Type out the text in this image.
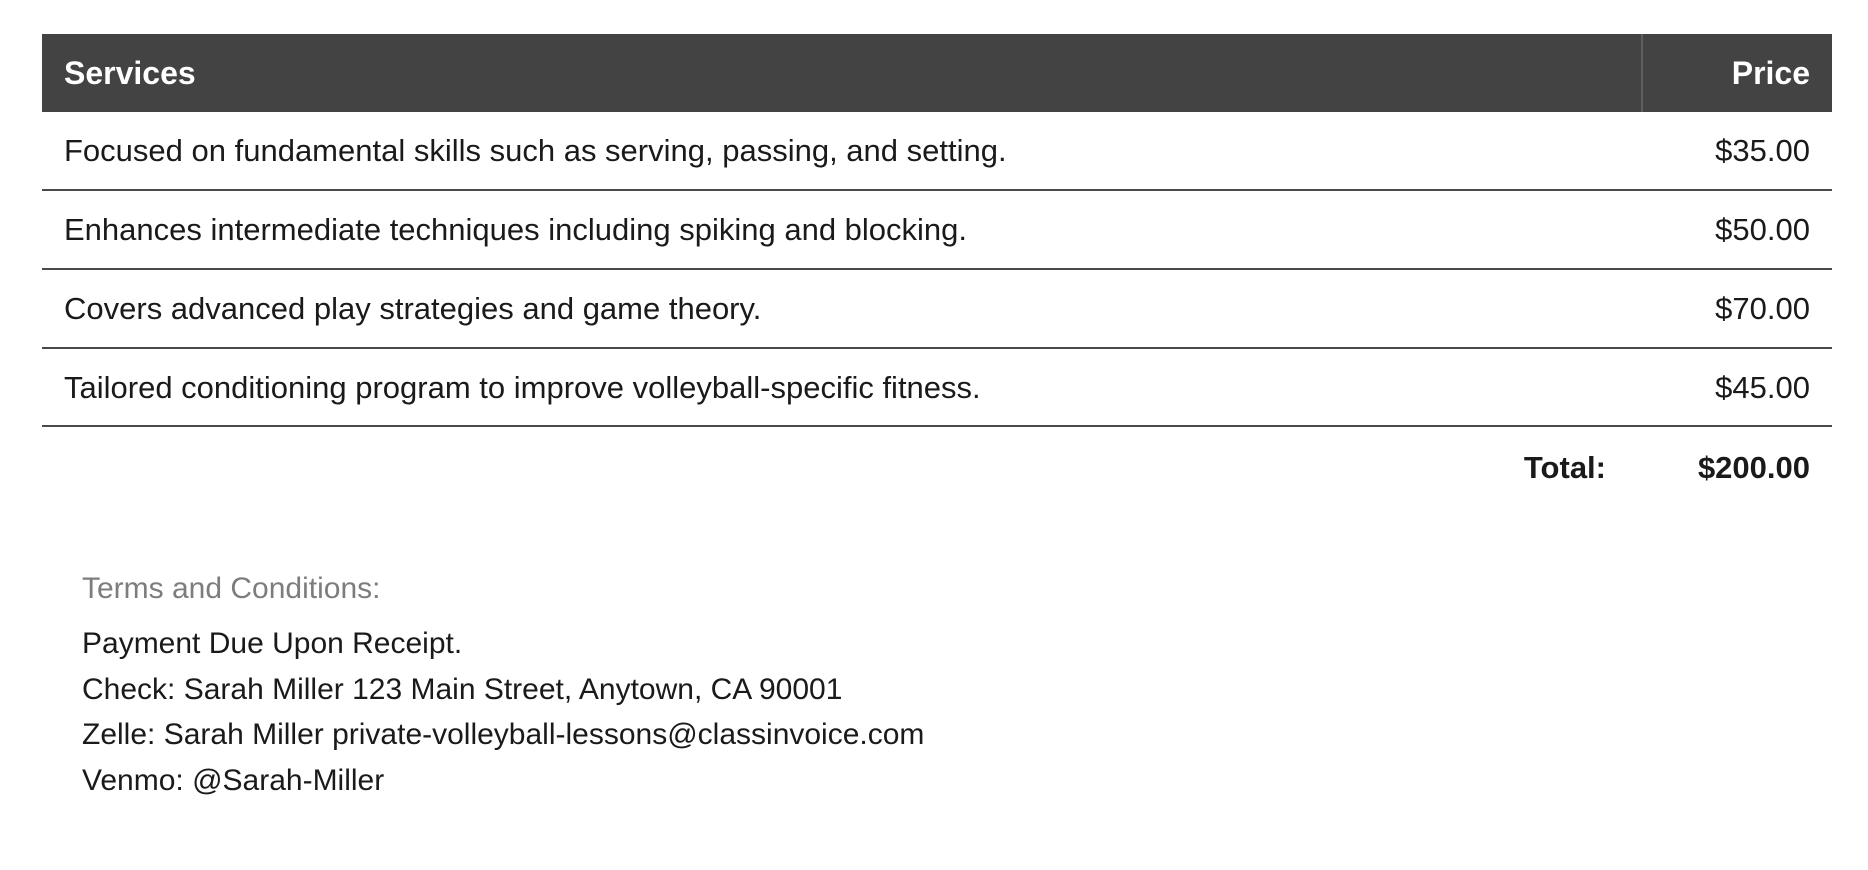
Services	Price
Focused on fundamental skills such as serving, passing, and setting.	$35.00
Enhances intermediate techniques including spiking and blocking.	$50.00
Covers advanced play strategies and game theory.	$70.00
Tailored conditioning program to improve volleyball-specific fitness.	$45.00
Total:	$200.00
Terms and Conditions:
Payment Due Upon Receipt.
Check: Sarah Miller 123 Main Street, Anytown, CA 90001
Zelle: Sarah Miller private-volleyball-lessons@classinvoice.com
Venmo: @Sarah-Miller
